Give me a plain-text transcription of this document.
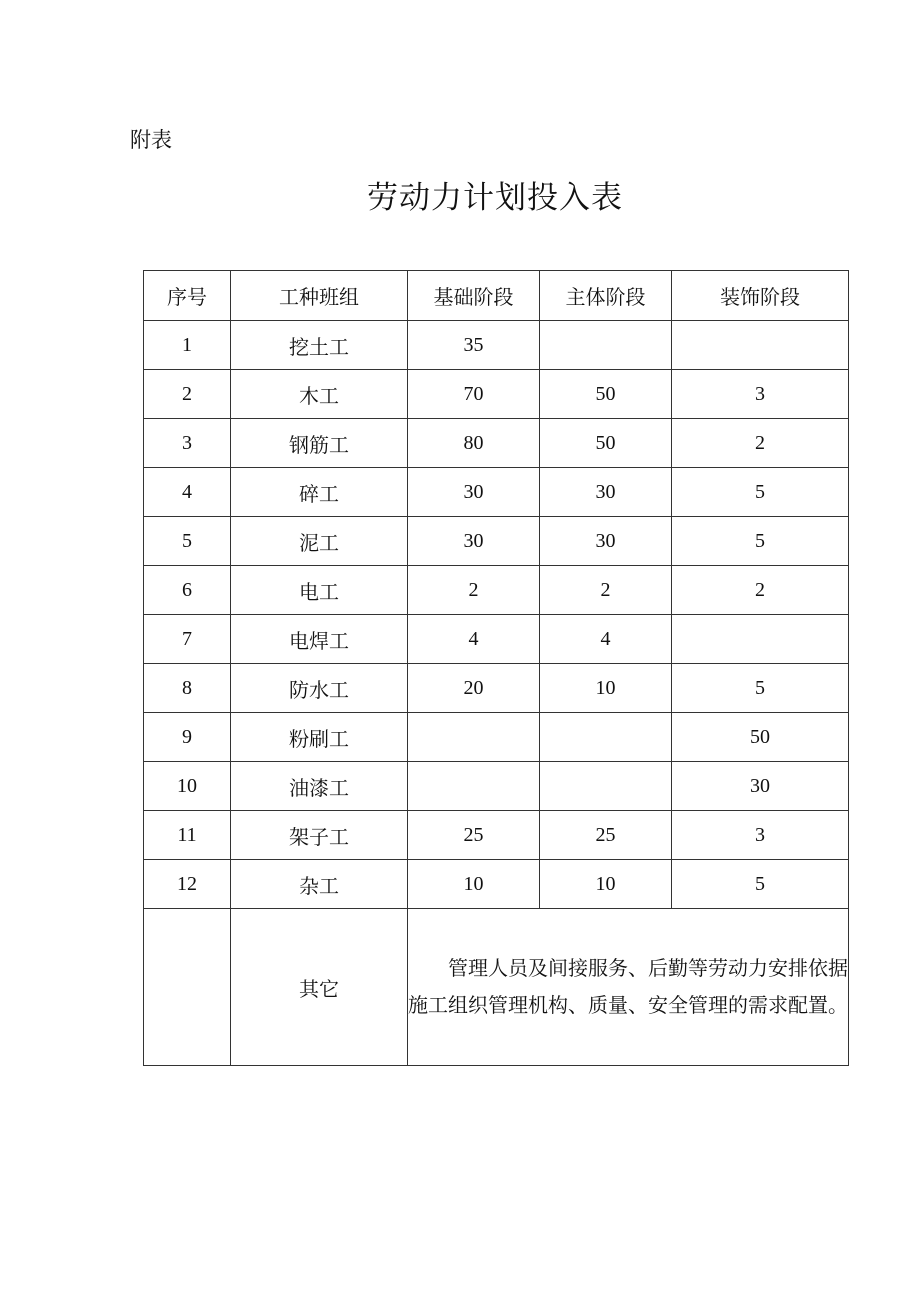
附表
劳动力计划投入表
序号	工种班组	基础阶段	主体阶段	装饰阶段
1	挖土工	35		
2	木工	70	50	3
3	钢筋工	80	50	2
4	碎工	30	30	5
5	泥工	30	30	5
6	电工	2	2	2
7	电焊工	4	4	
8	防水工	20	10	5
9	粉刷工			50
10	油漆工			30
11	架子工	25	25	3
12	杂工	10	10	5
	其它	管理人员及间接服务、后勤等劳动力安排依据施工组织管理机构、质量、安全管理的需求配置。		
